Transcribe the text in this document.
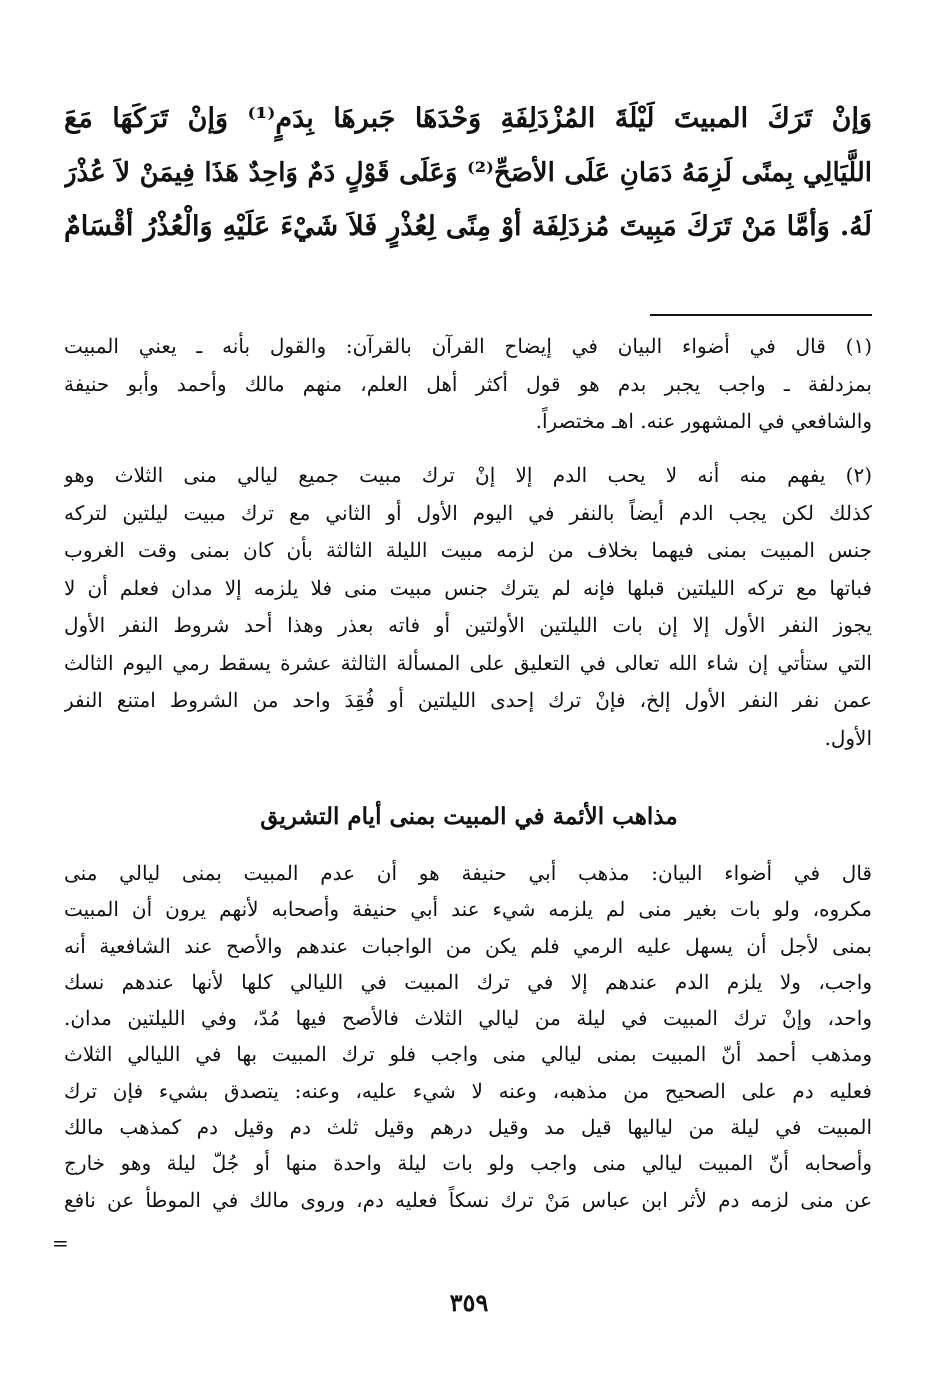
وَإنْ تَرَكَ المبيتَ لَيْلَةَ المُزْدَلِفَةِ وَحْدَهَا جَبرهَا بِدَمٍ⁽¹⁾ وَإنْ تَرَكَهَا مَعَ
اللَّيَالِي بِمنًى لَزِمَهُ دَمَانِ عَلَى الأصَحِّ⁽²⁾ وَعَلَى قَوْلٍ دَمٌ وَاحِدٌ هَذَا فِيمَنْ لاَ عُذْرَ
لَهُ. وَأمَّا مَنْ تَرَكَ مَبِيتَ مُزدَلِفَة أوْ مِنًى لِعُذْرٍ فَلاَ شَيْءَ عَلَيْهِ وَالْعُذْرُ أقْسَامٌ
(١) قال في أضواء البيان في إيضاح القرآن بالقرآن: والقول بأنه ـ يعني المبيت
بمزدلفة ـ واجب يجبر بدم هو قول أكثر أهل العلم، منهم مالك وأحمد وأبو حنيفة
والشافعي في المشهور عنه. اهـ مختصراً.
(٢) يفهم منه أنه لا يحب الدم إلا إنْ ترك مبيت جميع ليالي منى الثلاث وهو
كذلك لكن يجب الدم أيضاً بالنفر في اليوم الأول أو الثاني مع ترك مبيت ليلتين لتركه
جنس المبيت بمنى فيهما بخلاف من لزمه مبيت الليلة الثالثة بأن كان بمنى وقت الغروب
فباتها مع تركه الليلتين قبلها فإنه لم يترك جنس مبيت منى فلا يلزمه إلا مدان فعلم أن لا
يجوز النفر الأول إلا إن بات الليلتين الأولتين أو فاته بعذر وهذا أحد شروط النفر الأول
التي ستأتي إن شاء الله تعالى في التعليق على المسألة الثالثة عشرة يسقط رمي اليوم الثالث
عمن نفر النفر الأول إلخ، فإنْ ترك إحدى الليلتين أو فُقِدَ واحد من الشروط امتنع النفر
الأول.
مذاهب الأئمة في المبيت بمنى أيام التشريق
قال في أضواء البيان: مذهب أبي حنيفة هو أن عدم المبيت بمنى ليالي منى
مكروه، ولو بات بغير منى لم يلزمه شيء عند أبي حنيفة وأصحابه لأنهم يرون أن المبيت
بمنى لأجل أن يسهل عليه الرمي فلم يكن من الواجبات عندهم والأصح عند الشافعية أنه
واجب، ولا يلزم الدم عندهم إلا في ترك المبيت في الليالي كلها لأنها عندهم نسك
واحد، وإنْ ترك المبيت في ليلة من ليالي الثلاث فالأصح فيها مُدّ، وفي الليلتين مدان.
ومذهب أحمد أنّ المبيت بمنى ليالي منى واجب فلو ترك المبيت بها في الليالي الثلاث
فعليه دم على الصحيح من مذهبه، وعنه لا شيء عليه، وعنه: يتصدق بشيء فإن ترك
المبيت في ليلة من لياليها قيل مد وقيل درهم وقيل ثلث دم وقيل دم كمذهب مالك
وأصحابه أنّ المبيت ليالي منى واجب ولو بات ليلة واحدة منها أو جُلّ ليلة وهو خارج
عن منى لزمه دم لأثر ابن عباس مَنْ ترك نسكاً فعليه دم، وروى مالك في الموطأ عن نافع
=
٣٥٩
